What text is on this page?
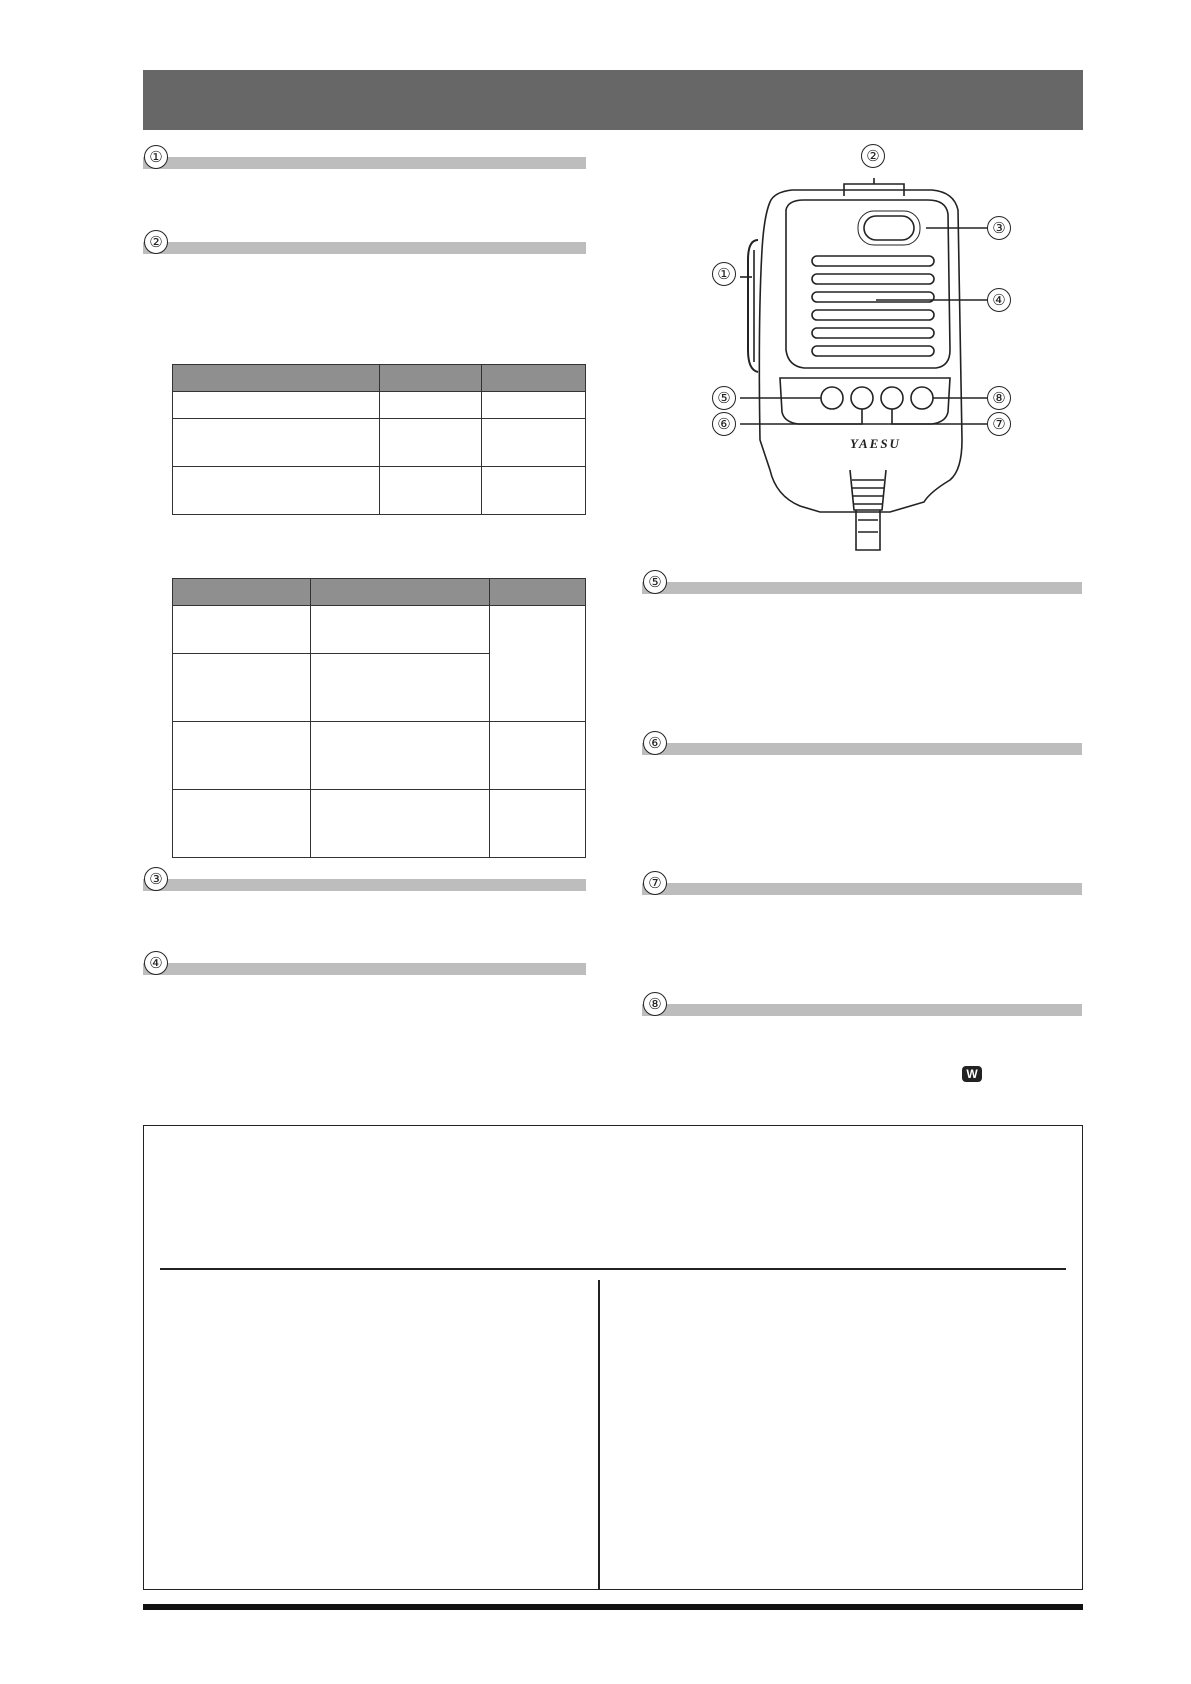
①
②

③
④
YAESU
②
③
①
④
⑤	⑧
⑥	⑦
⑤
⑥
⑦
⑧
W
